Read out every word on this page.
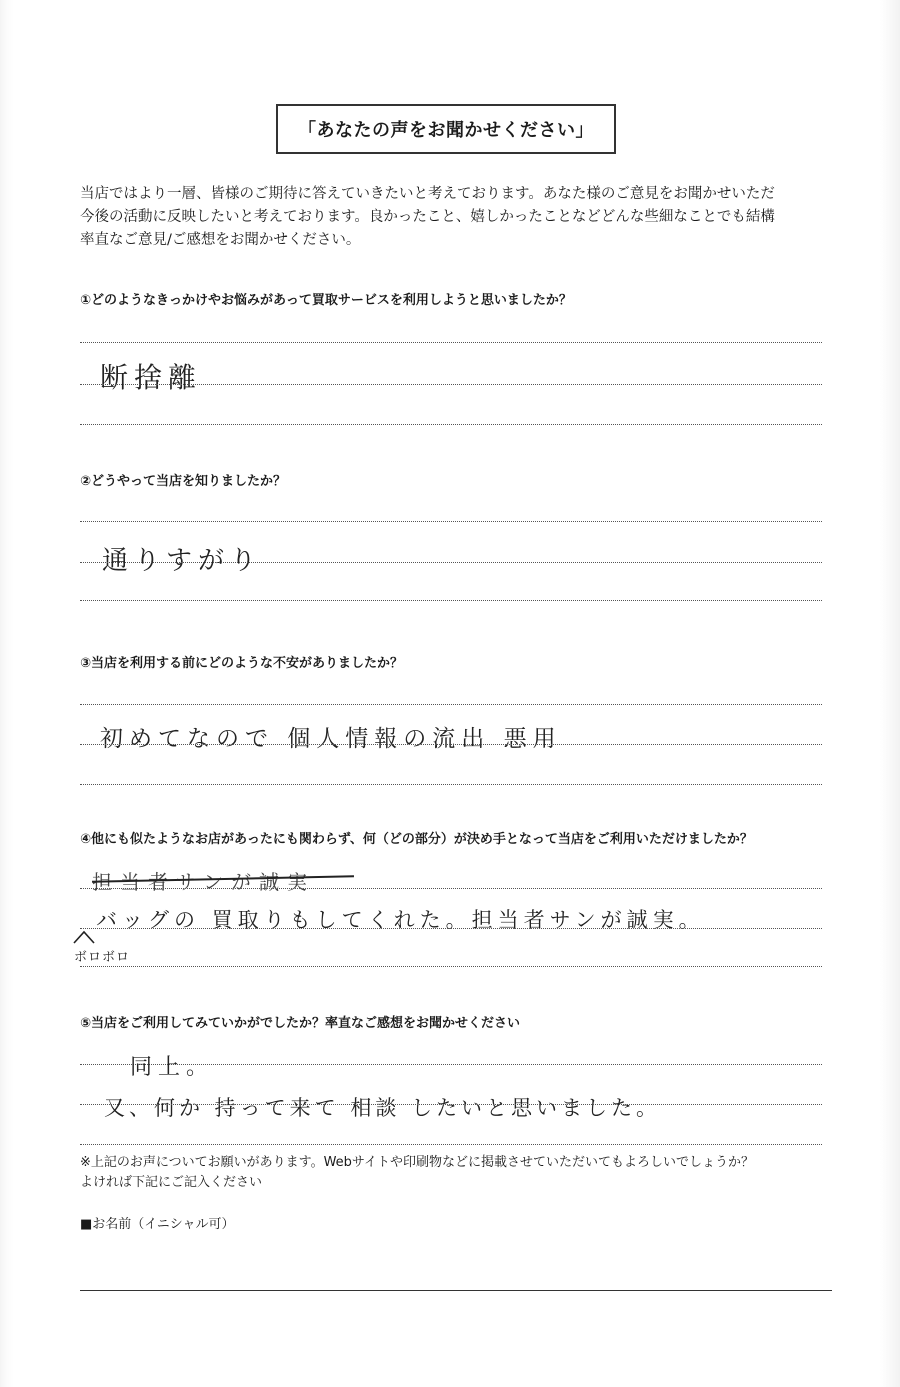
「あなたの声をお聞かせください」
当店ではより一層、皆様のご期待に答えていきたいと考えております。あなた様のご意見をお聞かせいただ
今後の活動に反映したいと考えております。良かったこと、嬉しかったことなどどんな些細なことでも結構
率直なご意見/ご感想をお聞かせください。
①どのようなきっかけやお悩みがあって買取サービスを利用しようと思いましたか？
断捨離
②どうやって当店を知りましたか？
通りすがり
③当店を利用する前にどのような不安がありましたか？
初めてなので 個人情報の流出 悪用
④他にも似たようなお店があったにも関わらず、何（どの部分）が決め手となって当店をご利用いただけましたか？
担当者サンが誠実
バッグの 買取りもしてくれた。担当者サンが誠実。
ボロボロ
⑤当店をご利用してみていかがでしたか？率直なご感想をお聞かせください
同上。
又、何か 持って来て 相談 したいと思いました。
※上記のお声についてお願いがあります。Webサイトや印刷物などに掲載させていただいてもよろしいでしょうか？
よければ下記にご記入ください
■お名前（イニシャル可）
